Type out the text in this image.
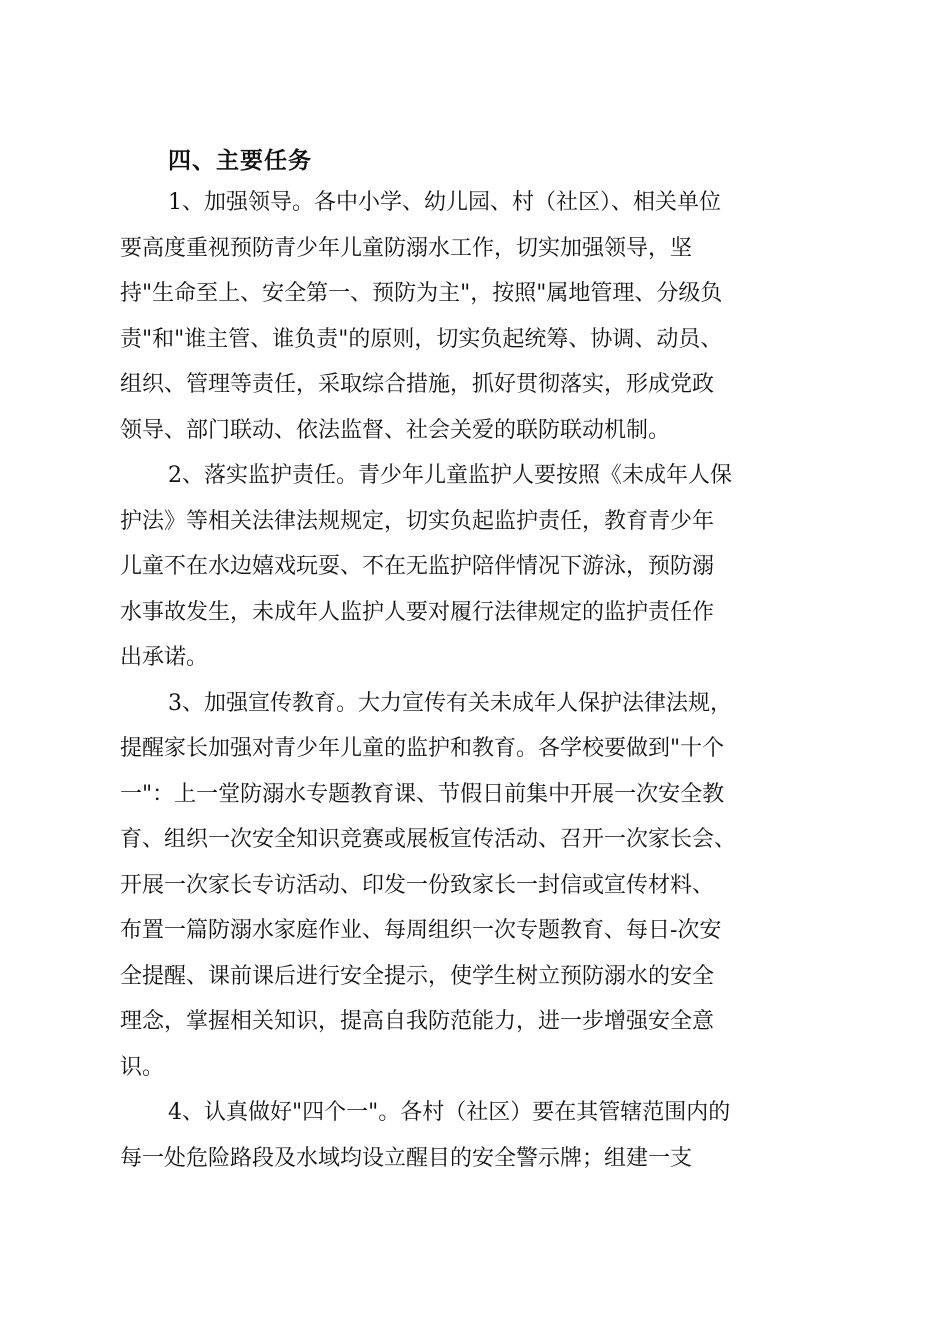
四、主要任务
1、加强领导。各中小学、幼儿园、村（社区）、相关单位
要高度重视预防青少年儿童防溺水工作，切实加强领导，坚
持"生命至上、安全第一、预防为主"，按照"属地管理、分级负
责"和"谁主管、谁负责"的原则，切实负起统筹、协调、动员、
组织、管理等责任，采取综合措施，抓好贯彻落实，形成党政
领导、部门联动、依法监督、社会关爱的联防联动机制。
2、落实监护责任。青少年儿童监护人要按照《未成年人保
护法》等相关法律法规规定，切实负起监护责任，教育青少年
儿童不在水边嬉戏玩耍、不在无监护陪伴情况下游泳，预防溺
水事故发生，未成年人监护人要对履行法律规定的监护责任作
出承诺。
3、加强宣传教育。大力宣传有关未成年人保护法律法规，
提醒家长加强对青少年儿童的监护和教育。各学校要做到"十个
一"：上一堂防溺水专题教育课、节假日前集中开展一次安全教
育、组织一次安全知识竞赛或展板宣传活动、召开一次家长会、
开展一次家长专访活动、印发一份致家长一封信或宣传材料、
布置一篇防溺水家庭作业、每周组织一次专题教育、每日-次安
全提醒、课前课后进行安全提示，使学生树立预防溺水的安全
理念，掌握相关知识，提高自我防范能力，进一步增强安全意
识。
4、认真做好"四个一"。各村（社区）要在其管辖范围内的
每一处危险路段及水域均设立醒目的安全警示牌；组建一支
